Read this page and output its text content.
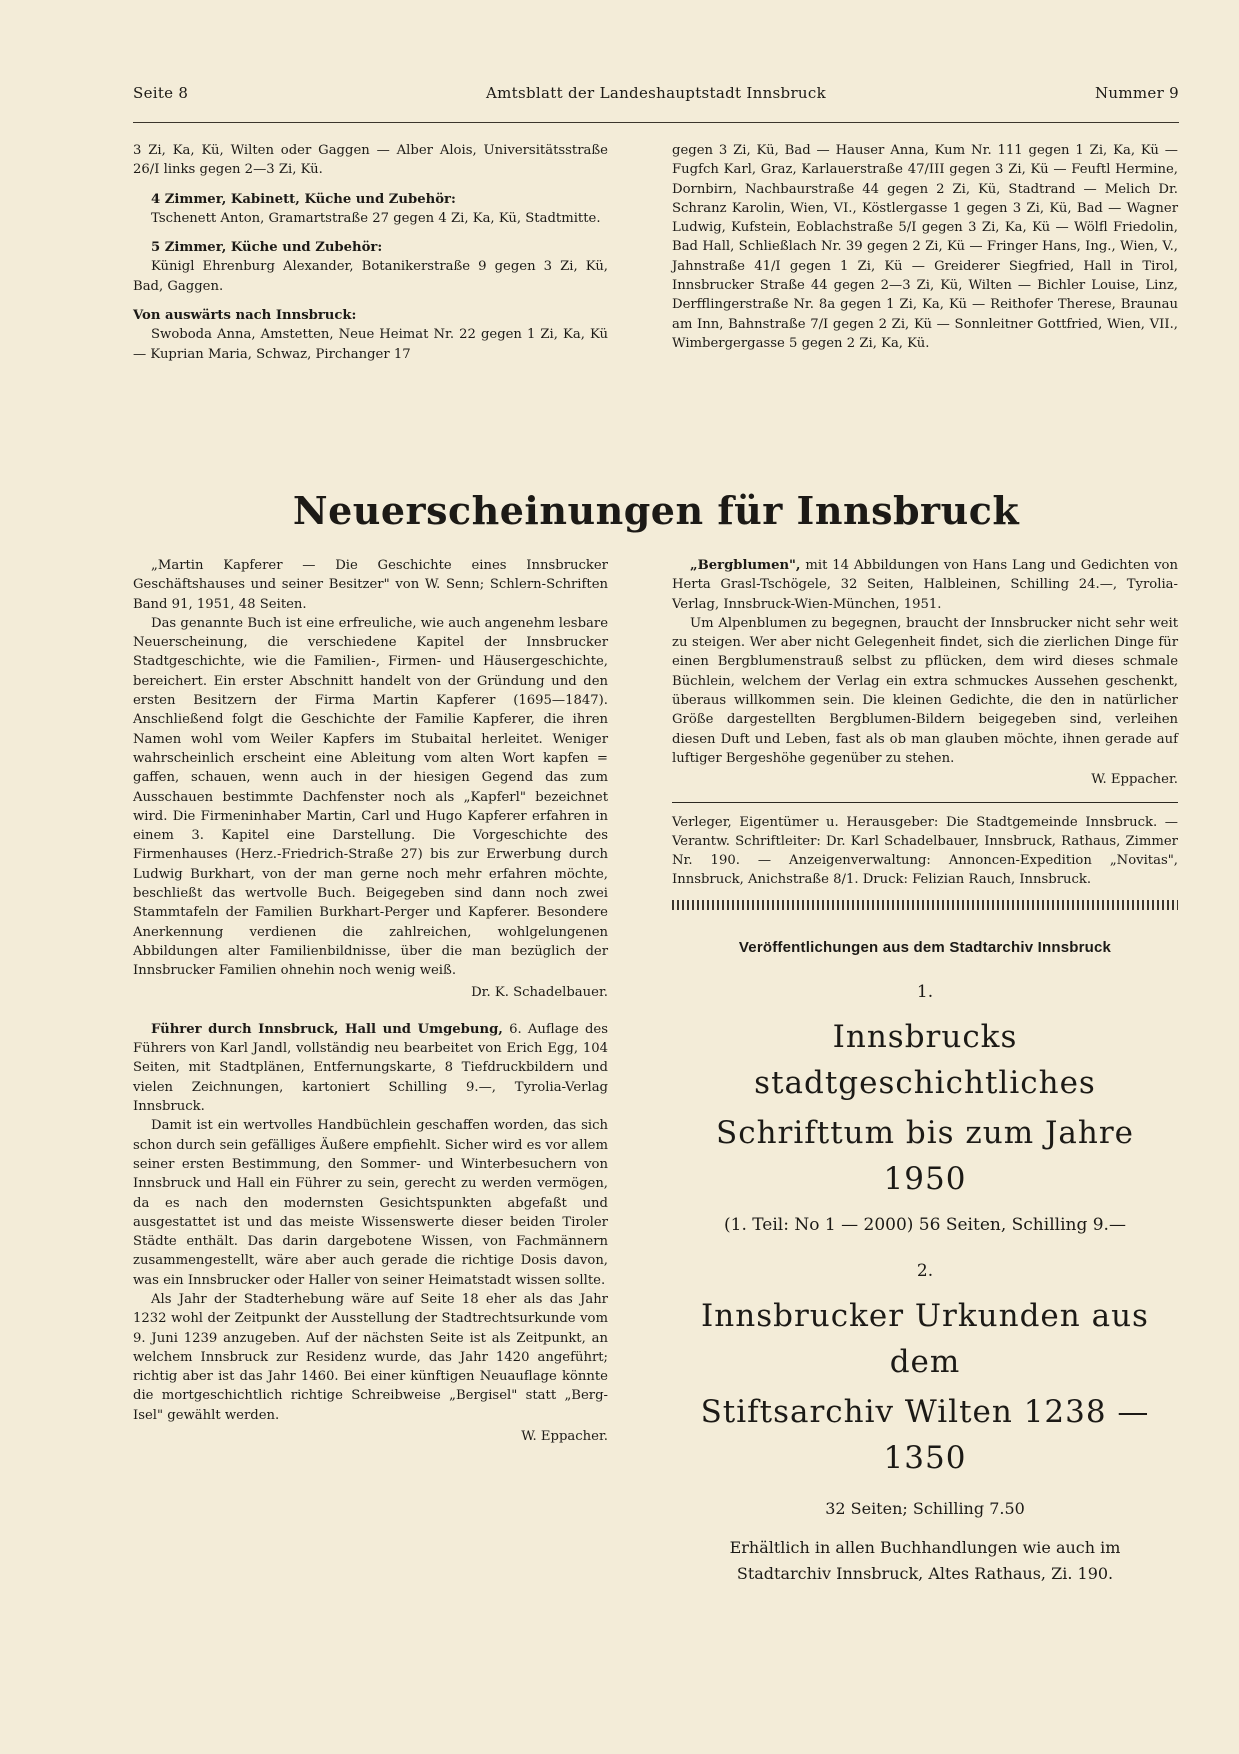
Seite 8	Amtsblatt der Landeshauptstadt Innsbruck	Nummer 9

3 Zi, Ka, Kü, Wilten oder Gaggen — Alber Alois, Universitätsstraße 26/I links gegen 2—3 Zi, Kü.

4 Zimmer, Kabinett, Küche und Zubehör:

Tschenett Anton, Gramartstraße 27 gegen 4 Zi, Ka, Kü, Stadtmitte.

5 Zimmer, Küche und Zubehör:

Künigl Ehrenburg Alexander, Botanikerstraße 9 gegen 3 Zi, Kü, Bad, Gaggen.

Von auswärts nach Innsbruck:

Swoboda Anna, Amstetten, Neue Heimat Nr. 22 gegen 1 Zi, Ka, Kü — Kuprian Maria, Schwaz, Pirchanger 17

gegen 3 Zi, Kü, Bad — Hauser Anna, Kum Nr. 111 gegen 1 Zi, Ka, Kü — Fugfch Karl, Graz, Karlauerstraße 47/III gegen 3 Zi, Kü — Feuftl Hermine, Dornbirn, Nachbaurstraße 44 gegen 2 Zi, Kü, Stadtrand — Melich Dr. Schranz Karolin, Wien, VI., Köstlergasse 1 gegen 3 Zi, Kü, Bad — Wagner Ludwig, Kufstein, Eoblachstraße 5/I gegen 3 Zi, Ka, Kü — Wölfl Friedolin, Bad Hall, Schließlach Nr. 39 gegen 2 Zi, Kü — Fringer Hans, Ing., Wien, V., Jahnstraße 41/I gegen 1 Zi, Kü — Greiderer Siegfried, Hall in Tirol, Innsbrucker Straße 44 gegen 2—3 Zi, Kü, Wilten — Bichler Louise, Linz, Derfflingerstraße Nr. 8a gegen 1 Zi, Ka, Kü — Reithofer Therese, Braunau am Inn, Bahnstraße 7/I gegen 2 Zi, Kü — Sonnleitner Gottfried, Wien, VII., Wimbergergasse 5 gegen 2 Zi, Ka, Kü.

Neuerscheinungen für Innsbruck

„Martin Kapferer — Die Geschichte eines Innsbrucker Geschäftshauses und seiner Besitzer" von W. Senn; Schlern-Schriften Band 91, 1951, 48 Seiten.

Das genannte Buch ist eine erfreuliche, wie auch angenehm lesbare Neuerscheinung, die verschiedene Kapitel der Innsbrucker Stadtgeschichte, wie die Familien-, Firmen- und Häusergeschichte, bereichert. Ein erster Abschnitt handelt von der Gründung und den ersten Besitzern der Firma Martin Kapferer (1695—1847). Anschließend folgt die Geschichte der Familie Kapferer, die ihren Namen wohl vom Weiler Kapfers im Stubaital herleitet. Weniger wahrscheinlich erscheint eine Ableitung vom alten Wort kapfen = gaffen, schauen, wenn auch in der hiesigen Gegend das zum Ausschauen bestimmte Dachfenster noch als „Kapferl" bezeichnet wird. Die Firmeninhaber Martin, Carl und Hugo Kapferer erfahren in einem 3. Kapitel eine Darstellung. Die Vorgeschichte des Firmenhauses (Herz.-Friedrich-Straße 27) bis zur Erwerbung durch Ludwig Burkhart, von der man gerne noch mehr erfahren möchte, beschließt das wertvolle Buch. Beigegeben sind dann noch zwei Stammtafeln der Familien Burkhart-Perger und Kapferer. Besondere Anerkennung verdienen die zahlreichen, wohlgelungenen Abbildungen alter Familienbildnisse, über die man bezüglich der Innsbrucker Familien ohnehin noch wenig weiß.

Dr. K. Schadelbauer.

Führer durch Innsbruck, Hall und Umgebung, 6. Auflage des Führers von Karl Jandl, vollständig neu bearbeitet von Erich Egg, 104 Seiten, mit Stadtplänen, Entfernungskarte, 8 Tiefdruckbildern und vielen Zeichnungen, kartoniert Schilling 9.—, Tyrolia-Verlag Innsbruck.

Damit ist ein wertvolles Handbüchlein geschaffen worden, das sich schon durch sein gefälliges Äußere empfiehlt. Sicher wird es vor allem seiner ersten Bestimmung, den Sommer- und Winterbesuchern von Innsbruck und Hall ein Führer zu sein, gerecht zu werden vermögen, da es nach den modernsten Gesichtspunkten abgefaßt und ausgestattet ist und das meiste Wissenswerte dieser beiden Tiroler Städte enthält. Das darin dargebotene Wissen, von Fachmännern zusammengestellt, wäre aber auch gerade die richtige Dosis davon, was ein Innsbrucker oder Haller von seiner Heimatstadt wissen sollte.

Als Jahr der Stadterhebung wäre auf Seite 18 eher als das Jahr 1232 wohl der Zeitpunkt der Ausstellung der Stadtrechtsurkunde vom 9. Juni 1239 anzugeben. Auf der nächsten Seite ist als Zeitpunkt, an welchem Innsbruck zur Residenz wurde, das Jahr 1420 angeführt; richtig aber ist das Jahr 1460. Bei einer künftigen Neuauflage könnte die mortgeschichtlich richtige Schreibweise „Bergisel" statt „Berg-Isel" gewählt werden.

W. Eppacher.

„Bergblumen", mit 14 Abbildungen von Hans Lang und Gedichten von Herta Grasl-Tschögele, 32 Seiten, Halbleinen, Schilling 24.—, Tyrolia-Verlag, Innsbruck-Wien-München, 1951.

Um Alpenblumen zu begegnen, braucht der Innsbrucker nicht sehr weit zu steigen. Wer aber nicht Gelegenheit findet, sich die zierlichen Dinge für einen Bergblumenstrauß selbst zu pflücken, dem wird dieses schmale Büchlein, welchem der Verlag ein extra schmuckes Aussehen geschenkt, überaus willkommen sein. Die kleinen Gedichte, die den in natürlicher Größe dargestellten Bergblumen-Bildern beigegeben sind, verleihen diesen Duft und Leben, fast als ob man glauben möchte, ihnen gerade auf luftiger Bergeshöhe gegenüber zu stehen.

W. Eppacher.

Verleger, Eigentümer u. Herausgeber: Die Stadtgemeinde Innsbruck. — Verantw. Schriftleiter: Dr. Karl Schadelbauer, Innsbruck, Rathaus, Zimmer Nr. 190. — Anzeigenverwaltung: Annoncen-Expedition „Novitas", Innsbruck, Anichstraße 8/1. Druck: Felizian Rauch, Innsbruck.

Veröffentlichungen aus dem Stadtarchiv Innsbruck
1.
Innsbrucks stadtgeschichtliches
Schrifttum bis zum Jahre 1950
(1. Teil: No 1 — 2000) 56 Seiten, Schilling 9.—
2.
Innsbrucker Urkunden aus dem
Stiftsarchiv Wilten 1238 — 1350
32 Seiten; Schilling 7.50
Erhältlich in allen Buchhandlungen wie auch im
Stadtarchiv Innsbruck, Altes Rathaus, Zi. 190.
